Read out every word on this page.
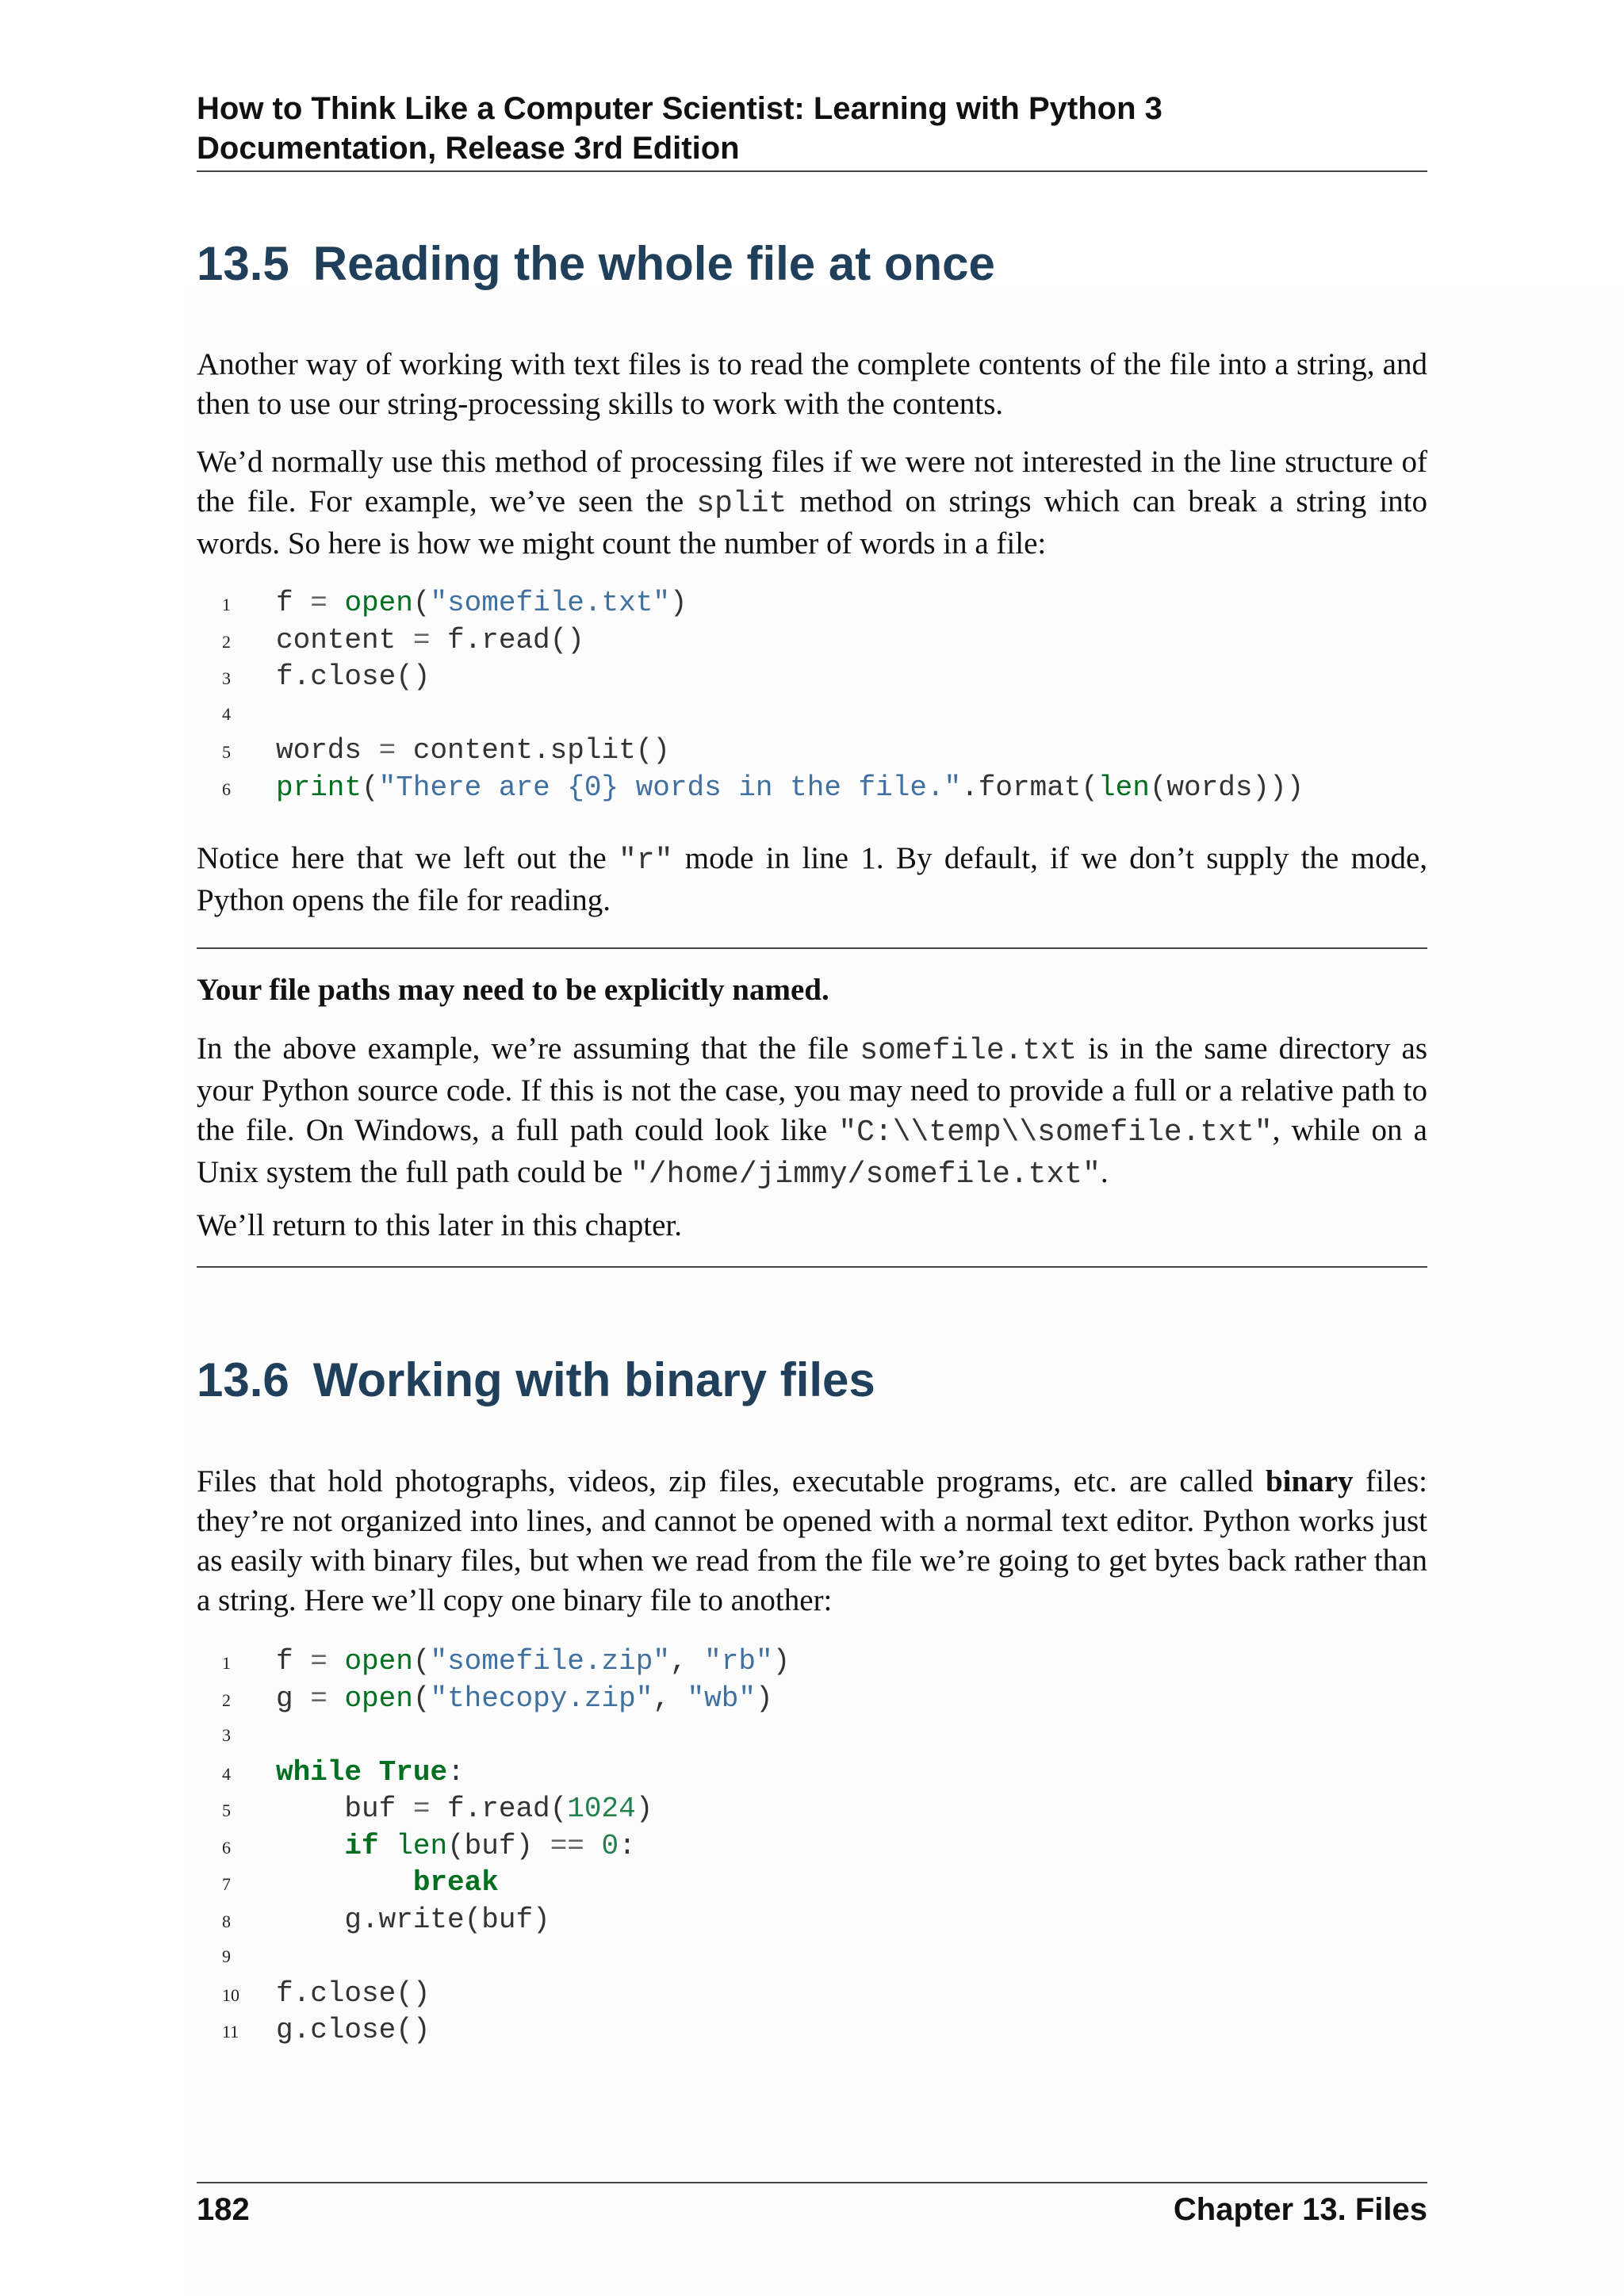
How to Think Like a Computer Scientist: Learning with Python 3
Documentation, Release 3rd Edition
13.5 Reading the whole file at once
Another way of working with text files is to read the complete contents of the file into a string, and then to use our string-processing skills to work with the contents.
We’d normally use this method of processing files if we were not interested in the line structure of the file. For example, we’ve seen the split method on strings which can break a string into words. So here is how we might count the number of words in a file:
1	f = open("somefile.txt")
2	content = f.read()
3	f.close()
4
5	words = content.split()
6	print("There are {0} words in the file.".format(len(words)))
Notice here that we left out the "r" mode in line 1. By default, if we don’t supply the mode, Python opens the file for reading.
Your file paths may need to be explicitly named.
In the above example, we’re assuming that the file somefile.txt is in the same directory as your Python source code. If this is not the case, you may need to provide a full or a relative path to the file. On Windows, a full path could look like "C:\\temp\\somefile.txt", while on a Unix system the full path could be "/home/jimmy/somefile.txt".
We’ll return to this later in this chapter.
13.6 Working with binary files
Files that hold photographs, videos, zip files, executable programs, etc. are called binary files: they’re not organized into lines, and cannot be opened with a normal text editor. Python works just as easily with binary files, but when we read from the file we’re going to get bytes back rather than a string. Here we’ll copy one binary file to another:
1	f = open("somefile.zip", "rb")
2	g = open("thecopy.zip", "wb")
3
4	while True:
5	buf = f.read(1024)
6	if len(buf) == 0:
7	break
8	g.write(buf)
9
10	f.close()
11	g.close()
182	Chapter 13. Files
